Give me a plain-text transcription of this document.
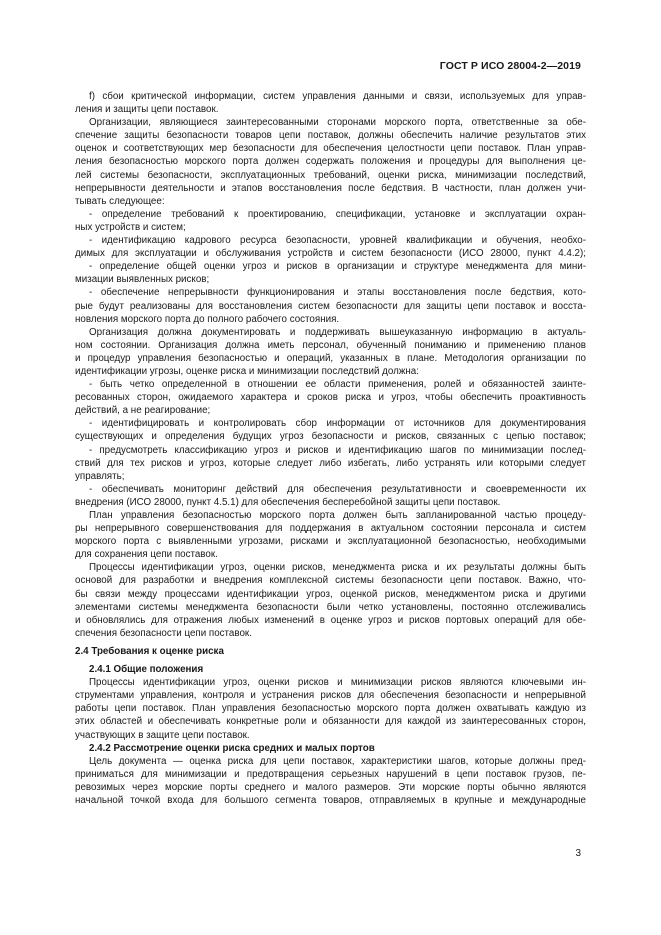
ГОСТ Р ИСО 28004-2—2019
f) сбои критической информации, систем управления данными и связи, используемых для управ-
ления и защиты цепи поставок.
Организации, являющиеся заинтересованными сторонами морского порта, ответственные за обе-
спечение защиты безопасности товаров цепи поставок, должны обеспечить наличие результатов этих
оценок и соответствующих мер безопасности для обеспечения целостности цепи поставок. План управ-
ления безопасностью морского порта должен содержать положения и процедуры для выполнения це-
лей системы безопасности, эксплуатационных требований, оценки риска, минимизации последствий,
непрерывности деятельности и этапов восстановления после бедствия. В частности, план должен учи-
тывать следующее:
- определение требований к проектированию, спецификации, установке и эксплуатации охран-
ных устройств и систем;
- идентификацию кадрового ресурса безопасности, уровней квалификации и обучения, необхо-
димых для эксплуатации и обслуживания устройств и систем безопасности (ИСО 28000, пункт 4.4.2);
- определение общей оценки угроз и рисков в организации и структуре менеджмента для мини-
мизации выявленных рисков;
- обеспечение непрерывности функционирования и этапы восстановления после бедствия, кото-
рые будут реализованы для восстановления систем безопасности для защиты цепи поставок и восста-
новления морского порта до полного рабочего состояния.
Организация должна документировать и поддерживать вышеуказанную информацию в актуаль-
ном состоянии. Организация должна иметь персонал, обученный пониманию и применению планов
и процедур управления безопасностью и операций, указанных в плане. Методология организации по
идентификации угрозы, оценке риска и минимизации последствий должна:
- быть четко определенной в отношении ее области применения, ролей и обязанностей заинте-
ресованных сторон, ожидаемого характера и сроков риска и угроз, чтобы обеспечить проактивность
действий, а не реагирование;
- идентифицировать и контролировать сбор информации от источников для документирования
существующих и определения будущих угроз безопасности и рисков, связанных с цепью поставок;
- предусмотреть классификацию угроз и рисков и идентификацию шагов по минимизации послед-
ствий для тех рисков и угроз, которые следует либо избегать, либо устранять или которыми следует
управлять;
- обеспечивать мониторинг действий для обеспечения результативности и своевременности их
внедрения (ИСО 28000, пункт 4.5.1) для обеспечения бесперебойной защиты цепи поставок.
План управления безопасностью морского порта должен быть запланированной частью процеду-
ры непрерывного совершенствования для поддержания в актуальном состоянии персонала и систем
морского порта с выявленными угрозами, рисками и эксплуатационной безопасностью, необходимыми
для сохранения цепи поставок.
Процессы идентификации угроз, оценки рисков, менеджмента риска и их результаты должны быть
основой для разработки и внедрения комплексной системы безопасности цепи поставок. Важно, что-
бы связи между процессами идентификации угроз, оценкой рисков, менеджментом риска и другими
элементами системы менеджмента безопасности были четко установлены, постоянно отслеживались
и обновлялись для отражения любых изменений в оценке угроз и рисков портовых операций для обе-
спечения безопасности цепи поставок.
2.4 Требования к оценке риска
2.4.1 Общие положения
Процессы идентификации угроз, оценки рисков и минимизации рисков являются ключевыми ин-
струментами управления, контроля и устранения рисков для обеспечения безопасности и непрерывной
работы цепи поставок. План управления безопасностью морского порта должен охватывать каждую из
этих областей и обеспечивать конкретные роли и обязанности для каждой из заинтересованных сторон,
участвующих в защите цепи поставок.
2.4.2 Рассмотрение оценки риска средних и малых портов
Цель документа — оценка риска для цепи поставок, характеристики шагов, которые должны пред-
приниматься для минимизации и предотвращения серьезных нарушений в цепи поставок грузов, пе-
ревозимых через морские порты среднего и малого размеров. Эти морские порты обычно являются
начальной точкой входа для большого сегмента товаров, отправляемых в крупные и международные
3
